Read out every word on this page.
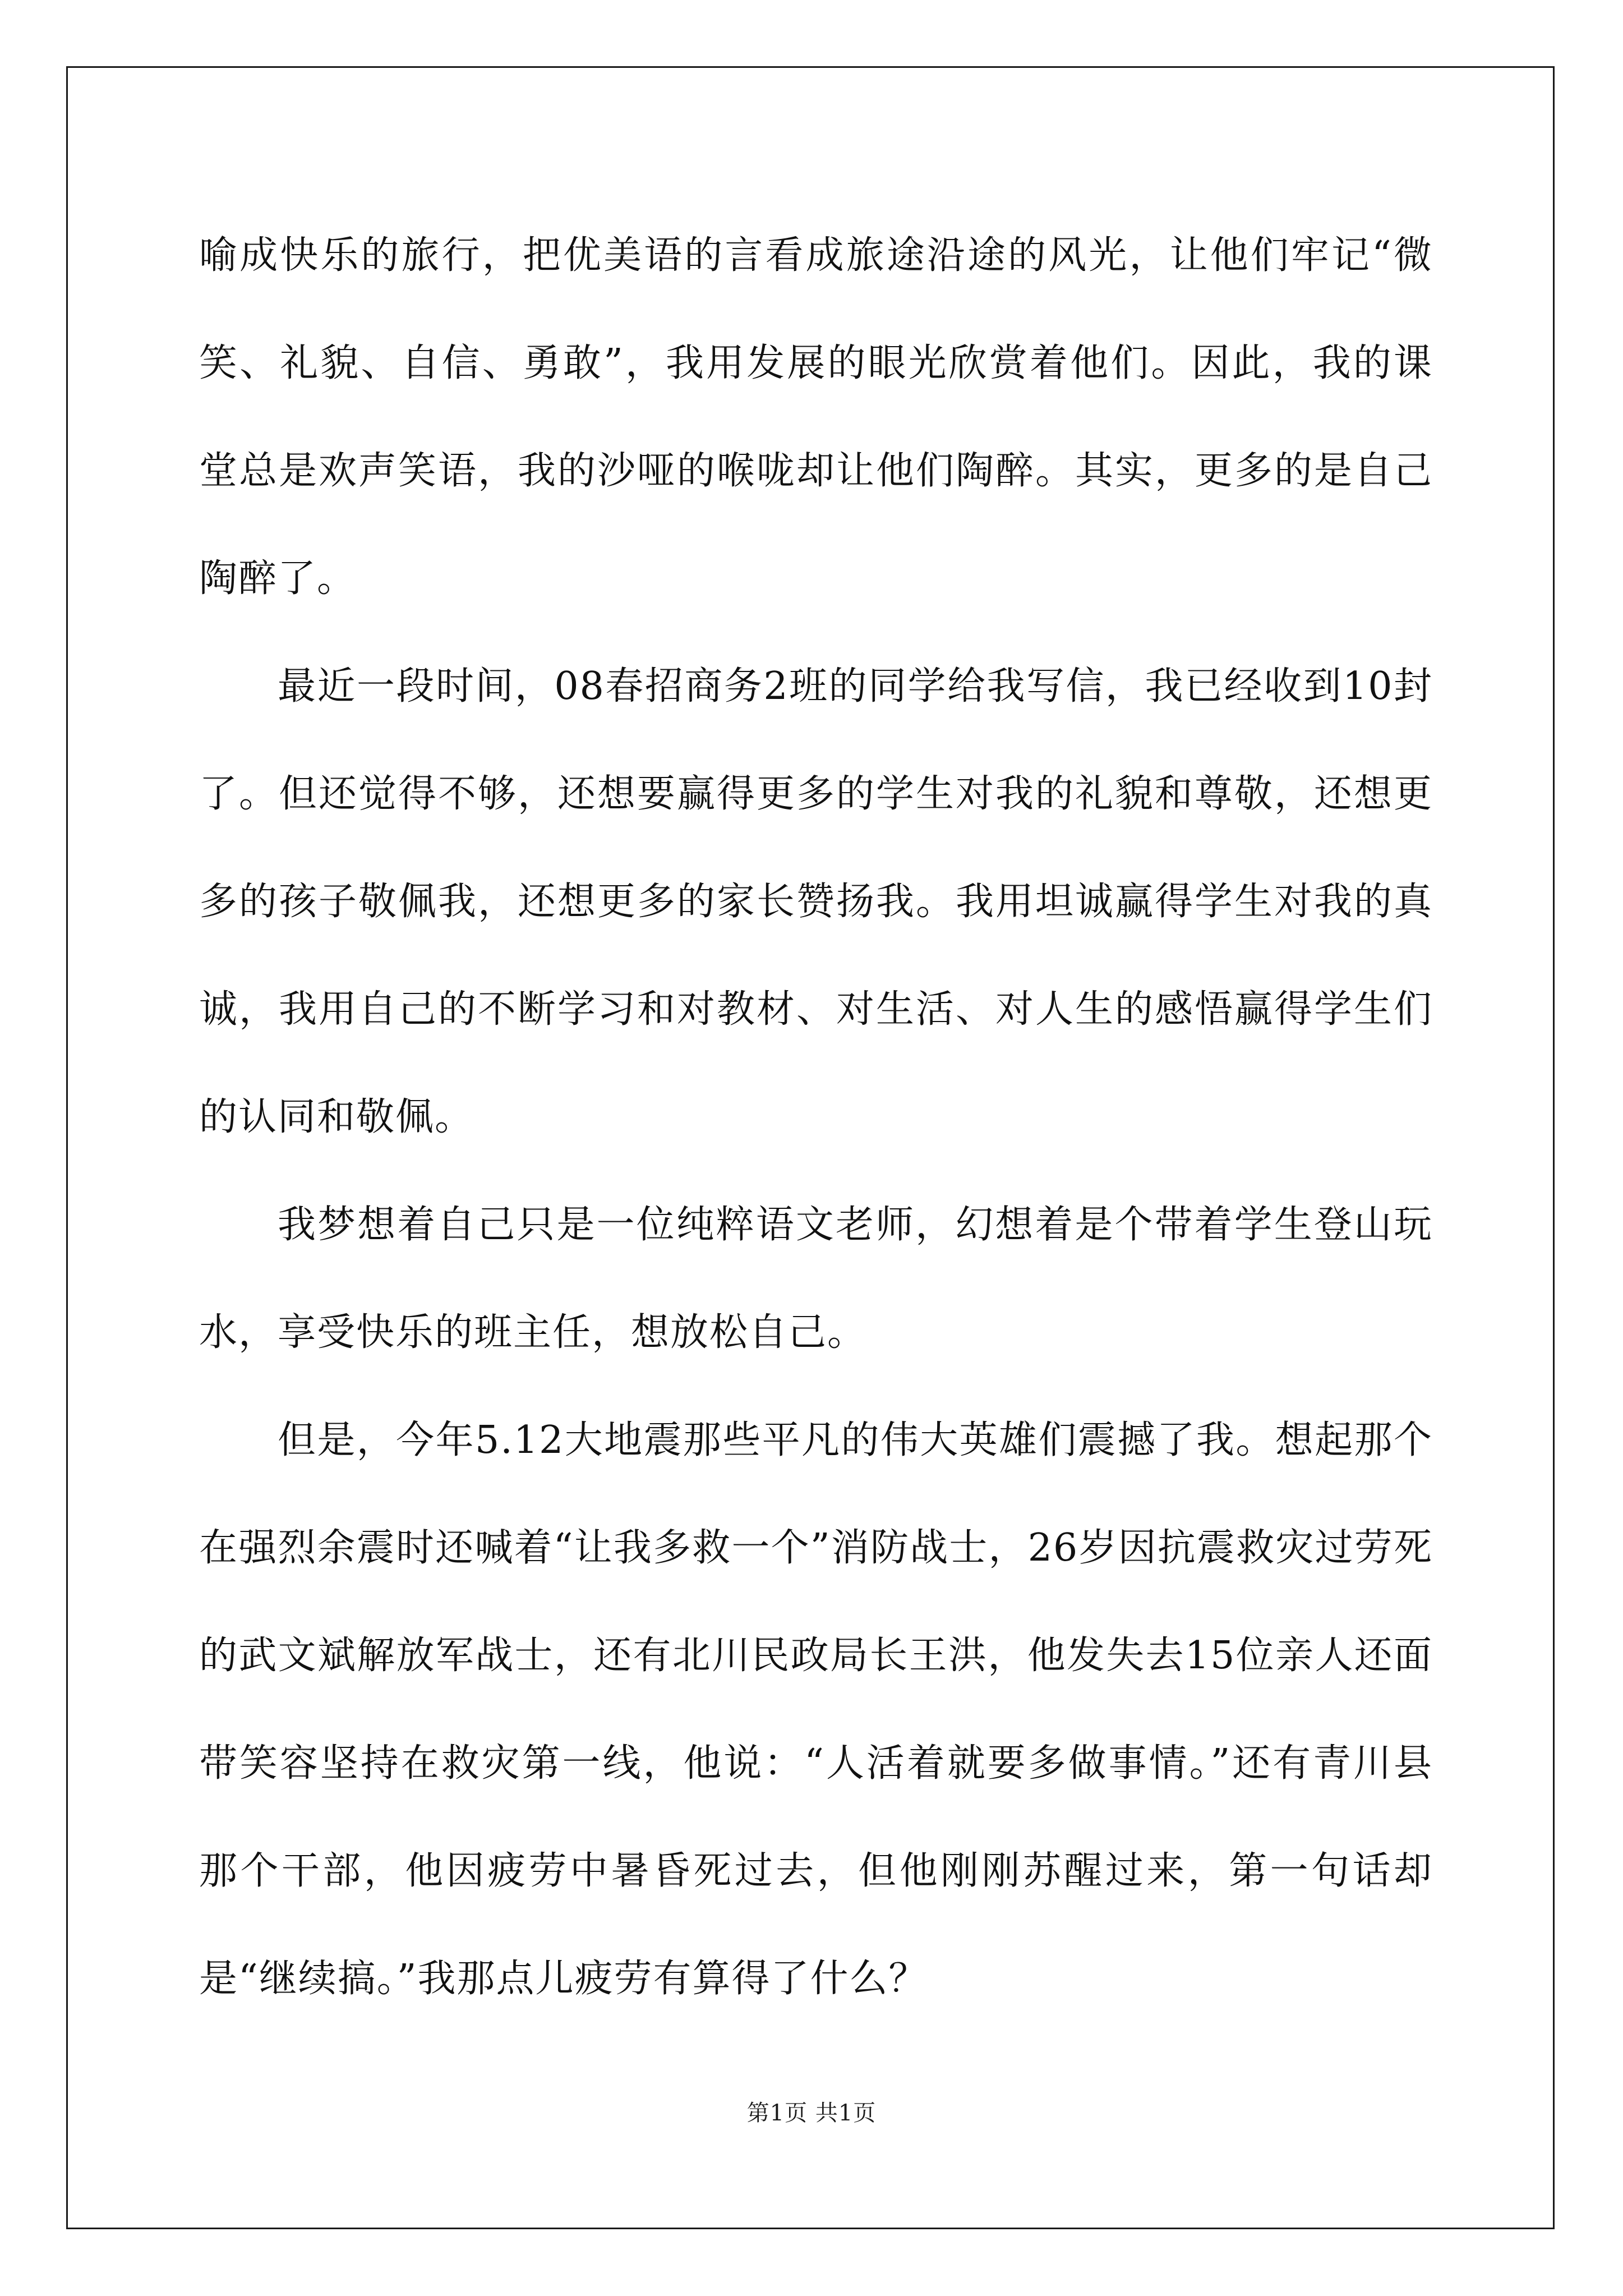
喻成快乐的旅行，把优美语的言看成旅途沿途的风光，让他们牢记“微笑、礼貌、自信、勇敢”，我用发展的眼光欣赏着他们。因此，我的课堂总是欢声笑语，我的沙哑的喉咙却让他们陶醉。其实，更多的是自己陶醉了。

最近一段时间，08春招商务2班的同学给我写信，我已经收到10封了。但还觉得不够，还想要赢得更多的学生对我的礼貌和尊敬，还想更多的孩子敬佩我，还想更多的家长赞扬我。我用坦诚赢得学生对我的真诚，我用自己的不断学习和对教材、对生活、对人生的感悟赢得学生们的认同和敬佩。

我梦想着自己只是一位纯粹语文老师，幻想着是个带着学生登山玩水，享受快乐的班主任，想放松自己。

但是，今年5.12大地震那些平凡的伟大英雄们震撼了我。想起那个在强烈余震时还喊着“让我多救一个”消防战士，26岁因抗震救灾过劳死的武文斌解放军战士，还有北川民政局长王洪，他发失去15位亲人还面带笑容坚持在救灾第一线，他说：“人活着就要多做事情。”还有青川县那个干部，他因疲劳中暑昏死过去，但他刚刚苏醒过来，第一句话却是“继续搞。”我那点儿疲劳有算得了什么？

第1页 共1页
